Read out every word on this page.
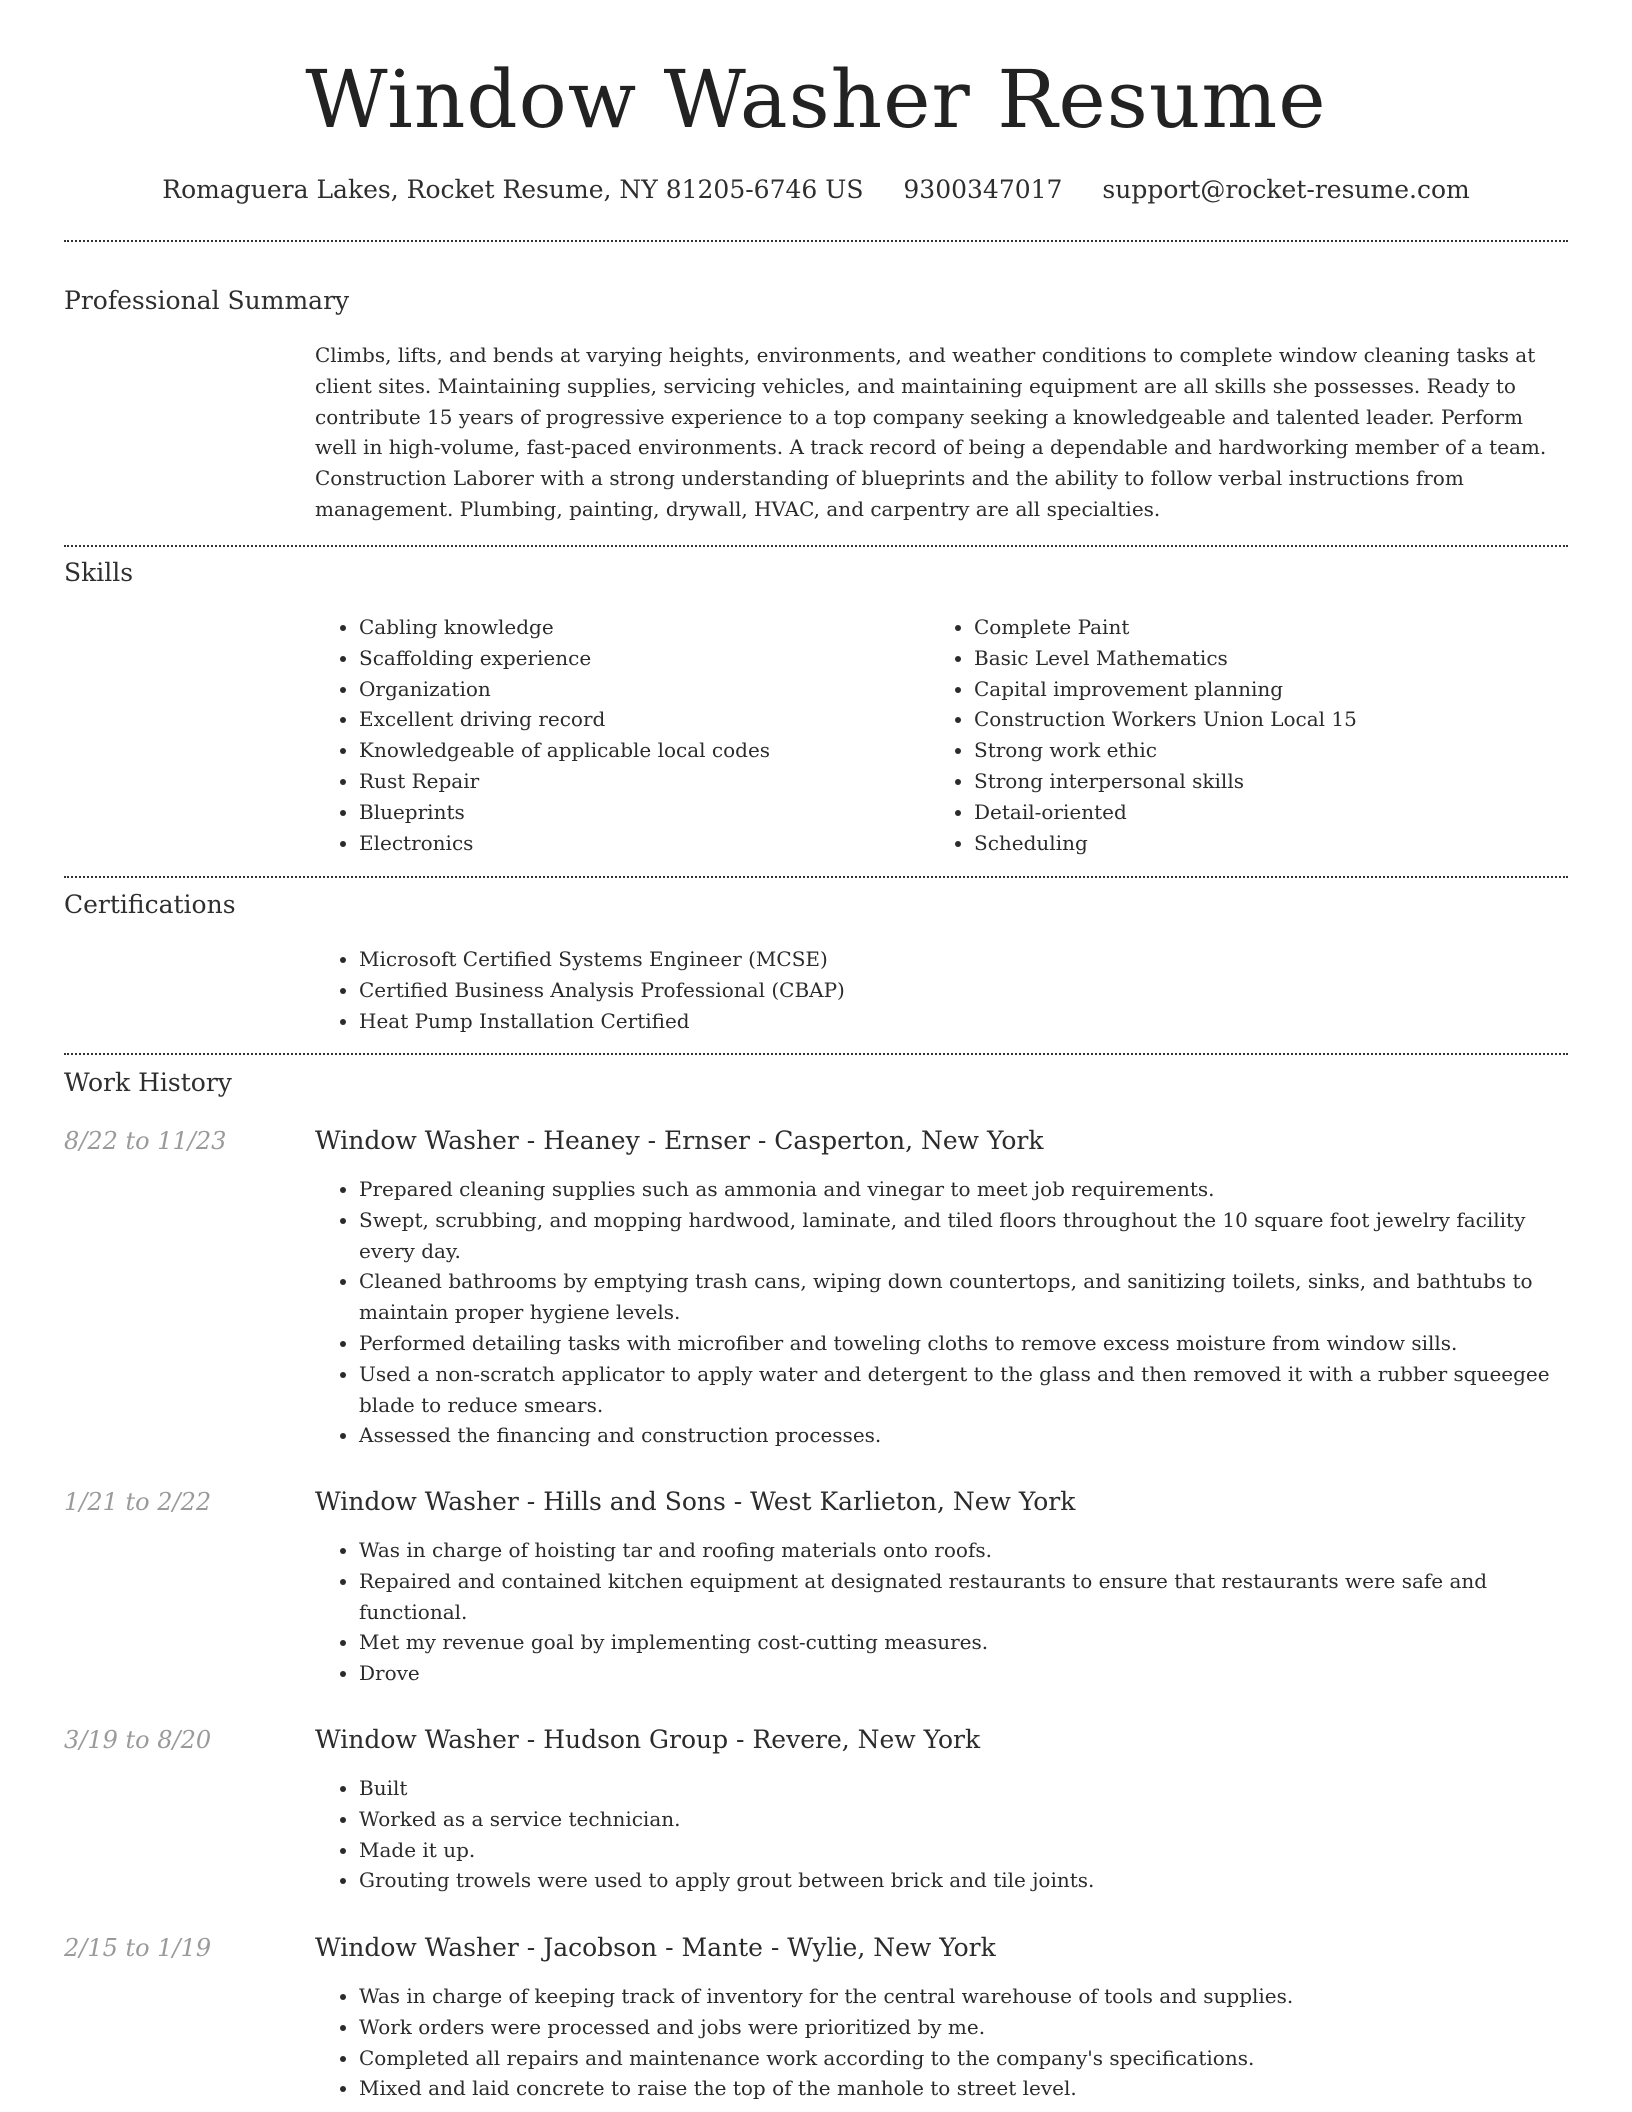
Window Washer Resume
Romaguera Lakes, Rocket Resume, NY 81205-6746 US 9300347017 support@rocket-resume.com
Professional Summary

Climbs, lifts, and bends at varying heights, environments, and weather conditions to complete window cleaning tasks at client sites. Maintaining supplies, servicing vehicles, and maintaining equipment are all skills she possesses. Ready to contribute 15 years of progressive experience to a top company seeking a knowledgeable and talented leader. Perform well in high-volume, fast-paced environments. A track record of being a dependable and hardworking member of a team. Construction Laborer with a strong understanding of blueprints and the ability to follow verbal instructions from management. Plumbing, painting, drywall, HVAC, and carpentry are all specialties.

Skills
• Cabling knowledge
• Scaffolding experience
• Organization
• Excellent driving record
• Knowledgeable of applicable local codes
• Rust Repair
• Blueprints
• Electronics
• Complete Paint
• Basic Level Mathematics
• Capital improvement planning
• Construction Workers Union Local 15
• Strong work ethic
• Strong interpersonal skills
• Detail-oriented
• Scheduling
Certifications
• Microsoft Certified Systems Engineer (MCSE)
• Certified Business Analysis Professional (CBAP)
• Heat Pump Installation Certified
Work History
8/22 to 11/23	Window Washer - Heaney - Ernser - Casperton, New York
• Prepared cleaning supplies such as ammonia and vinegar to meet job requirements.
• Swept, scrubbing, and mopping hardwood, laminate, and tiled floors throughout the 10 square foot jewelry facility every day.
• Cleaned bathrooms by emptying trash cans, wiping down countertops, and sanitizing toilets, sinks, and bathtubs to maintain proper hygiene levels.
• Performed detailing tasks with microfiber and toweling cloths to remove excess moisture from window sills.
• Used a non-scratch applicator to apply water and detergent to the glass and then removed it with a rubber squeegee blade to reduce smears.
• Assessed the financing and construction processes.
1/21 to 2/22	Window Washer - Hills and Sons - West Karlieton, New York
• Was in charge of hoisting tar and roofing materials onto roofs.
• Repaired and contained kitchen equipment at designated restaurants to ensure that restaurants were safe and functional.
• Met my revenue goal by implementing cost-cutting measures.
• Drove
3/19 to 8/20	Window Washer - Hudson Group - Revere, New York
• Built
• Worked as a service technician.
• Made it up.
• Grouting trowels were used to apply grout between brick and tile joints.
2/15 to 1/19	Window Washer - Jacobson - Mante - Wylie, New York
• Was in charge of keeping track of inventory for the central warehouse of tools and supplies.
• Work orders were processed and jobs were prioritized by me.
• Completed all repairs and maintenance work according to the company's specifications.
• Mixed and laid concrete to raise the top of the manhole to street level.
